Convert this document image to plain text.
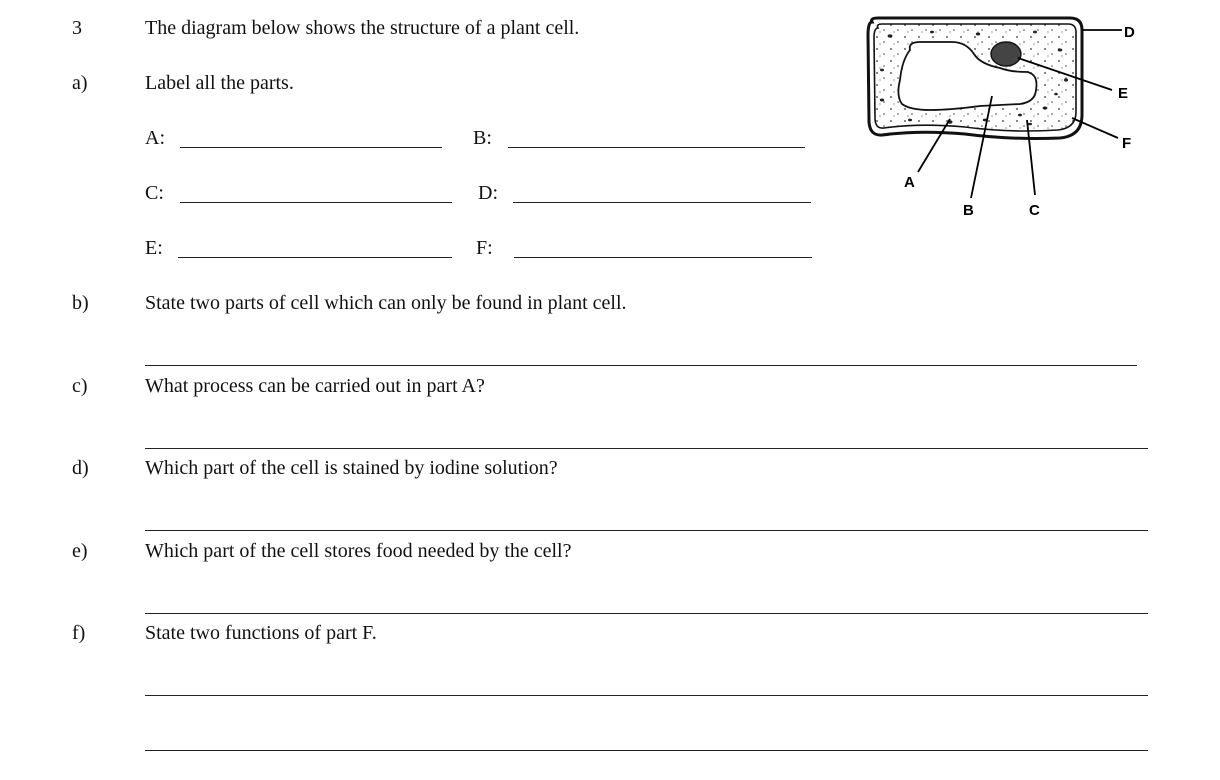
3	The diagram below shows the structure of a plant cell.
a)	Label all the parts.
A:	B:
C:	D:
E:	F:
b)	State two parts of cell which can only be found in plant cell.
c)	What process can be carried out in part A?
d)	Which part of the cell is stained by iodine solution?
e)	Which part of the cell stores food needed by the cell?
f)	State two functions of part F.
A
B	C
D
E
F
